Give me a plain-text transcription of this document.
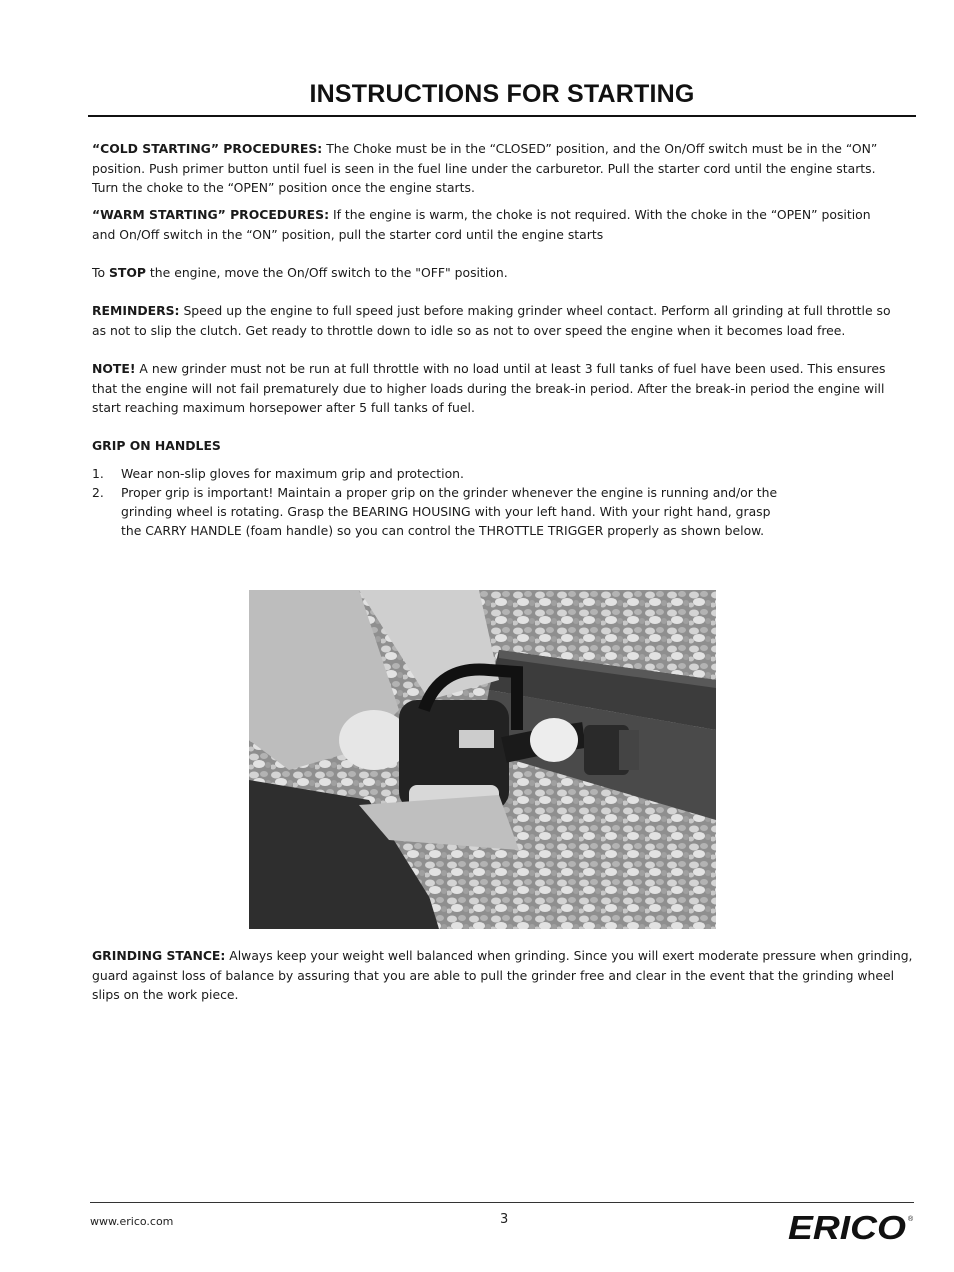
INSTRUCTIONS FOR STARTING

“COLD STARTING” PROCEDURES: The Choke must be in the “CLOSED” position, and the On/Off switch must be in the “ON”
position. Push primer button until fuel is seen in the fuel line under the carburetor. Pull the starter cord until the engine starts.
Turn the choke to the “OPEN” position once the engine starts.

“WARM STARTING” PROCEDURES: If the engine is warm, the choke is not required. With the choke in the “OPEN” position
and On/Off switch in the “ON” position, pull the starter cord until the engine starts

To STOP the engine, move the On/Off switch to the "OFF" position.

REMINDERS: Speed up the engine to full speed just before making grinder wheel contact. Perform all grinding at full throttle so
as not to slip the clutch. Get ready to throttle down to idle so as not to over speed the engine when it becomes load free.

NOTE! A new grinder must not be run at full throttle with no load until at least 3 full tanks of fuel have been used. This ensures
that the engine will not fail prematurely due to higher loads during the break-in period. After the break-in period the engine will
start reaching maximum horsepower after 5 full tanks of fuel.

GRIP ON HANDLES

1.	Wear non-slip gloves for maximum grip and protection.
2.	Proper grip is important! Maintain a proper grip on the grinder whenever the engine is running and/or the
grinding wheel is rotating. Grasp the BEARING HOUSING with your left hand. With your right hand, grasp
the CARRY HANDLE (foam handle) so you can control the THROTTLE TRIGGER properly as shown below.

GRINDING STANCE: Always keep your weight well balanced when grinding. Since you will exert moderate pressure when grinding,
guard against loss of balance by assuring that you are able to pull the grinder free and clear in the event that the grinding wheel
slips on the work piece.

www.erico.com	3	ERICO ®
